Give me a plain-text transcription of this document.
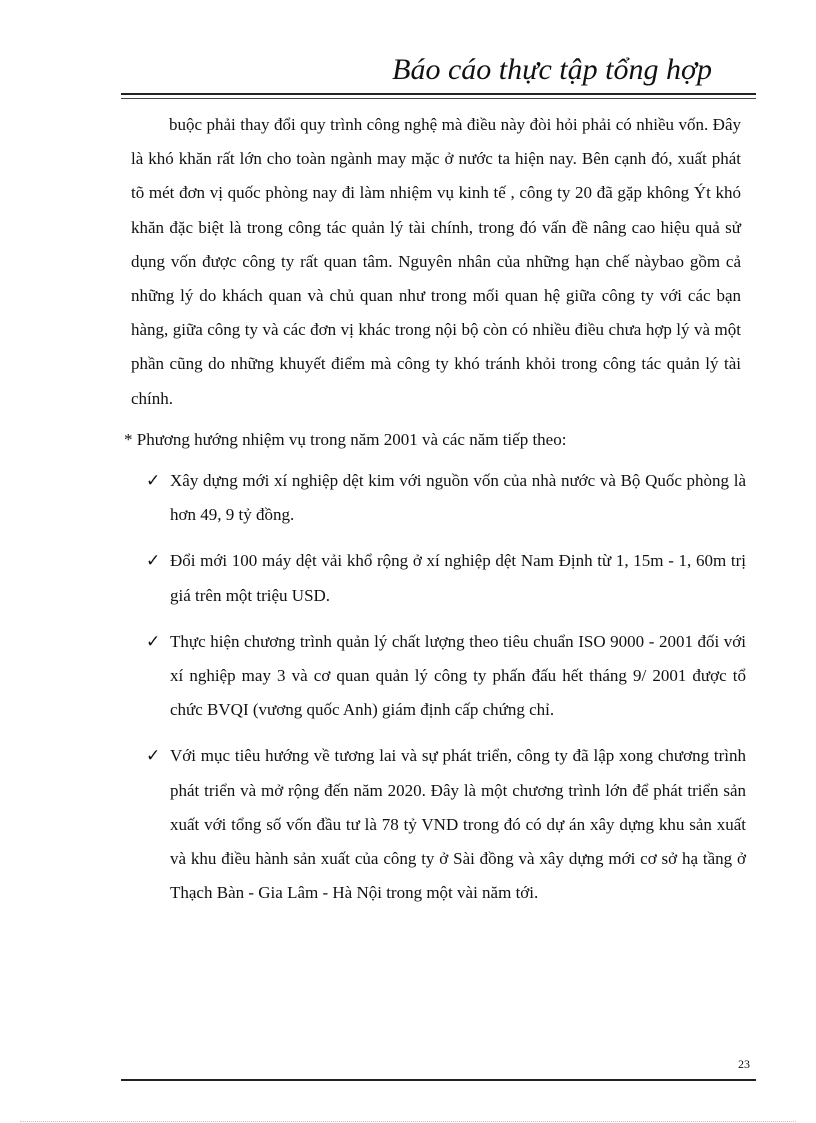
Báo cáo thực tập tổng hợp

buộc phải thay đổi quy trình công nghệ mà điều này đòi hỏi phải có nhiều vốn. Đây là khó khăn rất lớn cho toàn ngành may mặc ở nước ta hiện nay. Bên cạnh đó, xuất phát tõ mét đơn vị quốc phòng nay đi làm nhiệm vụ kinh tế , công ty 20 đã gặp không Ýt khó khăn đặc biệt là trong công tác quản lý tài chính, trong đó vấn đề nâng cao hiệu quả sử dụng vốn được công ty rất quan tâm. Nguyên nhân của những hạn chế nàybao gồm cả những lý do khách quan và chủ quan như trong mối quan hệ giữa công ty với các bạn hàng, giữa công ty và các đơn vị khác trong nội bộ còn có nhiều điều chưa hợp lý và một phần cũng do những khuyết điểm mà công ty khó tránh khỏi trong công tác quản lý tài chính.

* Phương hướng nhiệm vụ trong năm 2001 và các năm tiếp theo:

✓ Xây dựng mới xí nghiệp dệt kim với nguồn vốn của nhà nước và Bộ Quốc phòng là hơn 49, 9 tỷ đồng.
✓ Đổi mới 100 máy dệt vải khổ rộng ở xí nghiệp dệt Nam Định từ 1, 15m - 1, 60m trị giá trên một triệu USD.
✓ Thực hiện chương trình quản lý chất lượng theo tiêu chuẩn ISO 9000 - 2001 đối với xí nghiệp may 3 và cơ quan quản lý công ty phấn đấu hết tháng 9/ 2001 được tổ chức BVQI (vương quốc Anh) giám định cấp chứng chỉ.
✓ Với mục tiêu hướng về tương lai và sự phát triển, công ty đã lập xong chương trình phát triển và mở rộng đến năm 2020. Đây là một chương trình lớn để phát triển sản xuất với tổng số vốn đầu tư là 78 tỷ VND trong đó có dự án xây dựng khu sản xuất và khu điều hành sản xuất của công ty ở Sài đồng và xây dựng mới cơ sở hạ tầng ở Thạch Bàn - Gia Lâm - Hà Nội trong một vài năm tới.
23
